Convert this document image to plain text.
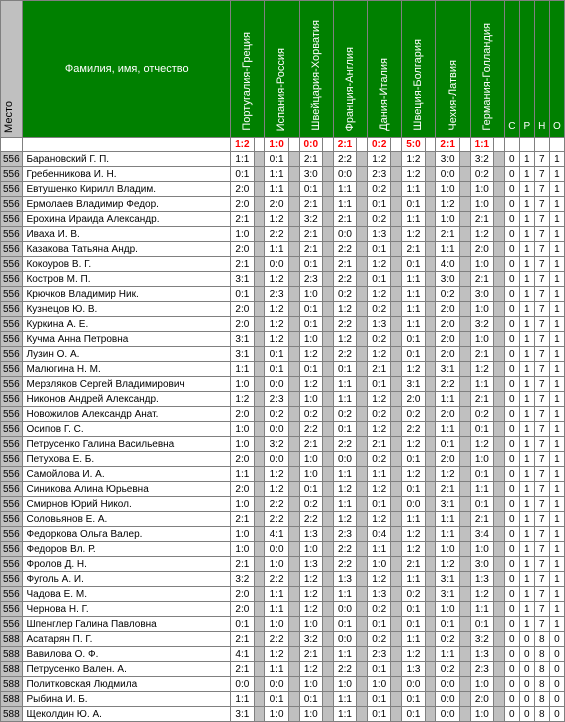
Место	Фамилия, имя, отчество	Португалия-Греция		Испания-Россия		Швейцария-Хорватия		Франция-Англия		Дания-Италия		Швеция-Болгария		Чехия-Латвия		Германия-Голландия		С	Р	Н	О
		1:2		1:0		0:0		2:1		0:2		5:0		2:1		1:1					
556	Барановский Г. П.	1:1		0:1		2:1		2:2		1:2		1:2		3:0		3:2		0	1	7	1
556	Гребенникова И. Н.	0:1		1:1		3:0		0:0		2:3		1:2		0:0		0:2		0	1	7	1
556	Евтушенко Кирилл Владим.	2:0		1:1		0:1		1:1		0:2		1:1		1:0		1:0		0	1	7	1
556	Ермолаев Владимир Федор.	2:0		2:0		2:1		1:1		0:1		0:1		1:2		1:0		0	1	7	1
556	Ерохина Ираида Александр.	2:1		1:2		3:2		2:1		0:2		1:1		1:0		2:1		0	1	7	1
556	Иваха И. В.	1:0		2:2		2:1		0:0		1:3		1:2		2:1		1:2		0	1	7	1
556	Казакова Татьяна Андр.	2:0		1:1		2:1		2:2		0:1		2:1		1:1		2:0		0	1	7	1
556	Кокоуров В. Г.	2:1		0:0		0:1		2:1		1:2		0:1		4:0		1:0		0	1	7	1
556	Костров М. П.	3:1		1:2		2:3		2:2		0:1		1:1		3:0		2:1		0	1	7	1
556	Крючков Владимир Ник.	0:1		2:3		1:0		0:2		1:2		1:1		0:2		3:0		0	1	7	1
556	Кузнецов Ю. В.	2:0		1:2		0:1		1:2		0:2		1:1		2:0		1:0		0	1	7	1
556	Куркина А. Е.	2:0		1:2		0:1		2:2		1:3		1:1		2:0		3:2		0	1	7	1
556	Кучма Анна Петровна	3:1		1:2		1:0		1:2		0:2		0:1		2:0		1:0		0	1	7	1
556	Лузин О. А.	3:1		0:1		1:2		2:2		1:2		0:1		2:0		2:1		0	1	7	1
556	Малюгина Н. М.	1:1		0:1		0:1		0:1		2:1		1:2		3:1		1:2		0	1	7	1
556	Мерзляков Сергей Владимирович	1:0		0:0		1:2		1:1		0:1		3:1		2:2		1:1		0	1	7	1
556	Никонов Андрей Александр.	1:2		2:3		1:0		1:1		1:2		2:0		1:1		2:1		0	1	7	1
556	Новожилов Александр Анат.	2:0		0:2		0:2		0:2		0:2		0:2		2:0		0:2		0	1	7	1
556	Осипов Г. С.	1:0		0:0		2:2		0:1		1:2		2:2		1:1		0:1		0	1	7	1
556	Петрусенко Галина Васильевна	1:0		3:2		2:1		2:2		2:1		1:2		0:1		1:2		0	1	7	1
556	Петухова Е. Б.	2:0		0:0		1:0		0:0		0:2		0:1		2:0		1:0		0	1	7	1
556	Самойлова И. А.	1:1		1:2		1:0		1:1		1:1		1:2		1:2		0:1		0	1	7	1
556	Синикова Алина Юрьевна	2:0		1:2		0:1		1:2		1:2		0:1		2:1		1:1		0	1	7	1
556	Смирнов Юрий Никол.	1:0		2:2		0:2		1:1		0:1		0:0		3:1		0:1		0	1	7	1
556	Соловьянов Е. А.	2:1		2:2		2:2		1:2		1:2		1:1		1:1		2:1		0	1	7	1
556	Федоркова Ольга Валер.	1:0		4:1		1:3		2:3		0:4		1:2		1:1		3:4		0	1	7	1
556	Федоров Вл. Р.	1:0		0:0		1:0		2:2		1:1		1:2		1:0		1:0		0	1	7	1
556	Фролов Д. Н.	2:1		1:0		1:3		2:2		1:0		2:1		1:2		3:0		0	1	7	1
556	Фуголь А. И.	3:2		2:2		1:2		1:3		1:2		1:1		3:1		1:3		0	1	7	1
556	Чадова Е. М.	2:0		1:1		1:2		1:1		1:3		0:2		3:1		1:2		0	1	7	1
556	Чернова Н. Г.	2:0		1:1		1:2		0:0		0:2		0:1		1:0		1:1		0	1	7	1
556	Шпенглер Галина Павловна	0:1		1:0		1:0		0:1		0:1		0:1		0:1		0:1		0	1	7	1
588	Асатарян П. Г.	2:1		2:2		3:2		0:0		0:2		1:1		0:2		3:2		0	0	8	0
588	Вавилова О. Ф.	4:1		1:2		2:1		1:1		2:3		1:2		1:1		1:3		0	0	8	0
588	Петрусенко Вален. А.	2:1		1:1		1:2		2:2		0:1		1:3		0:2		2:3		0	0	8	0
588	Политковская Людмила	0:0		0:0		1:0		1:0		1:0		0:0		0:0		1:0		0	0	8	0
588	Рыбина И. Б.	1:1		0:1		0:1		1:1		0:1		0:1		0:0		2:0		0	0	8	0
588	Щеколдин Ю. А.	3:1		1:0		1:0		1:1		0:1		0:1		0:0		1:0		0	0	8	0
